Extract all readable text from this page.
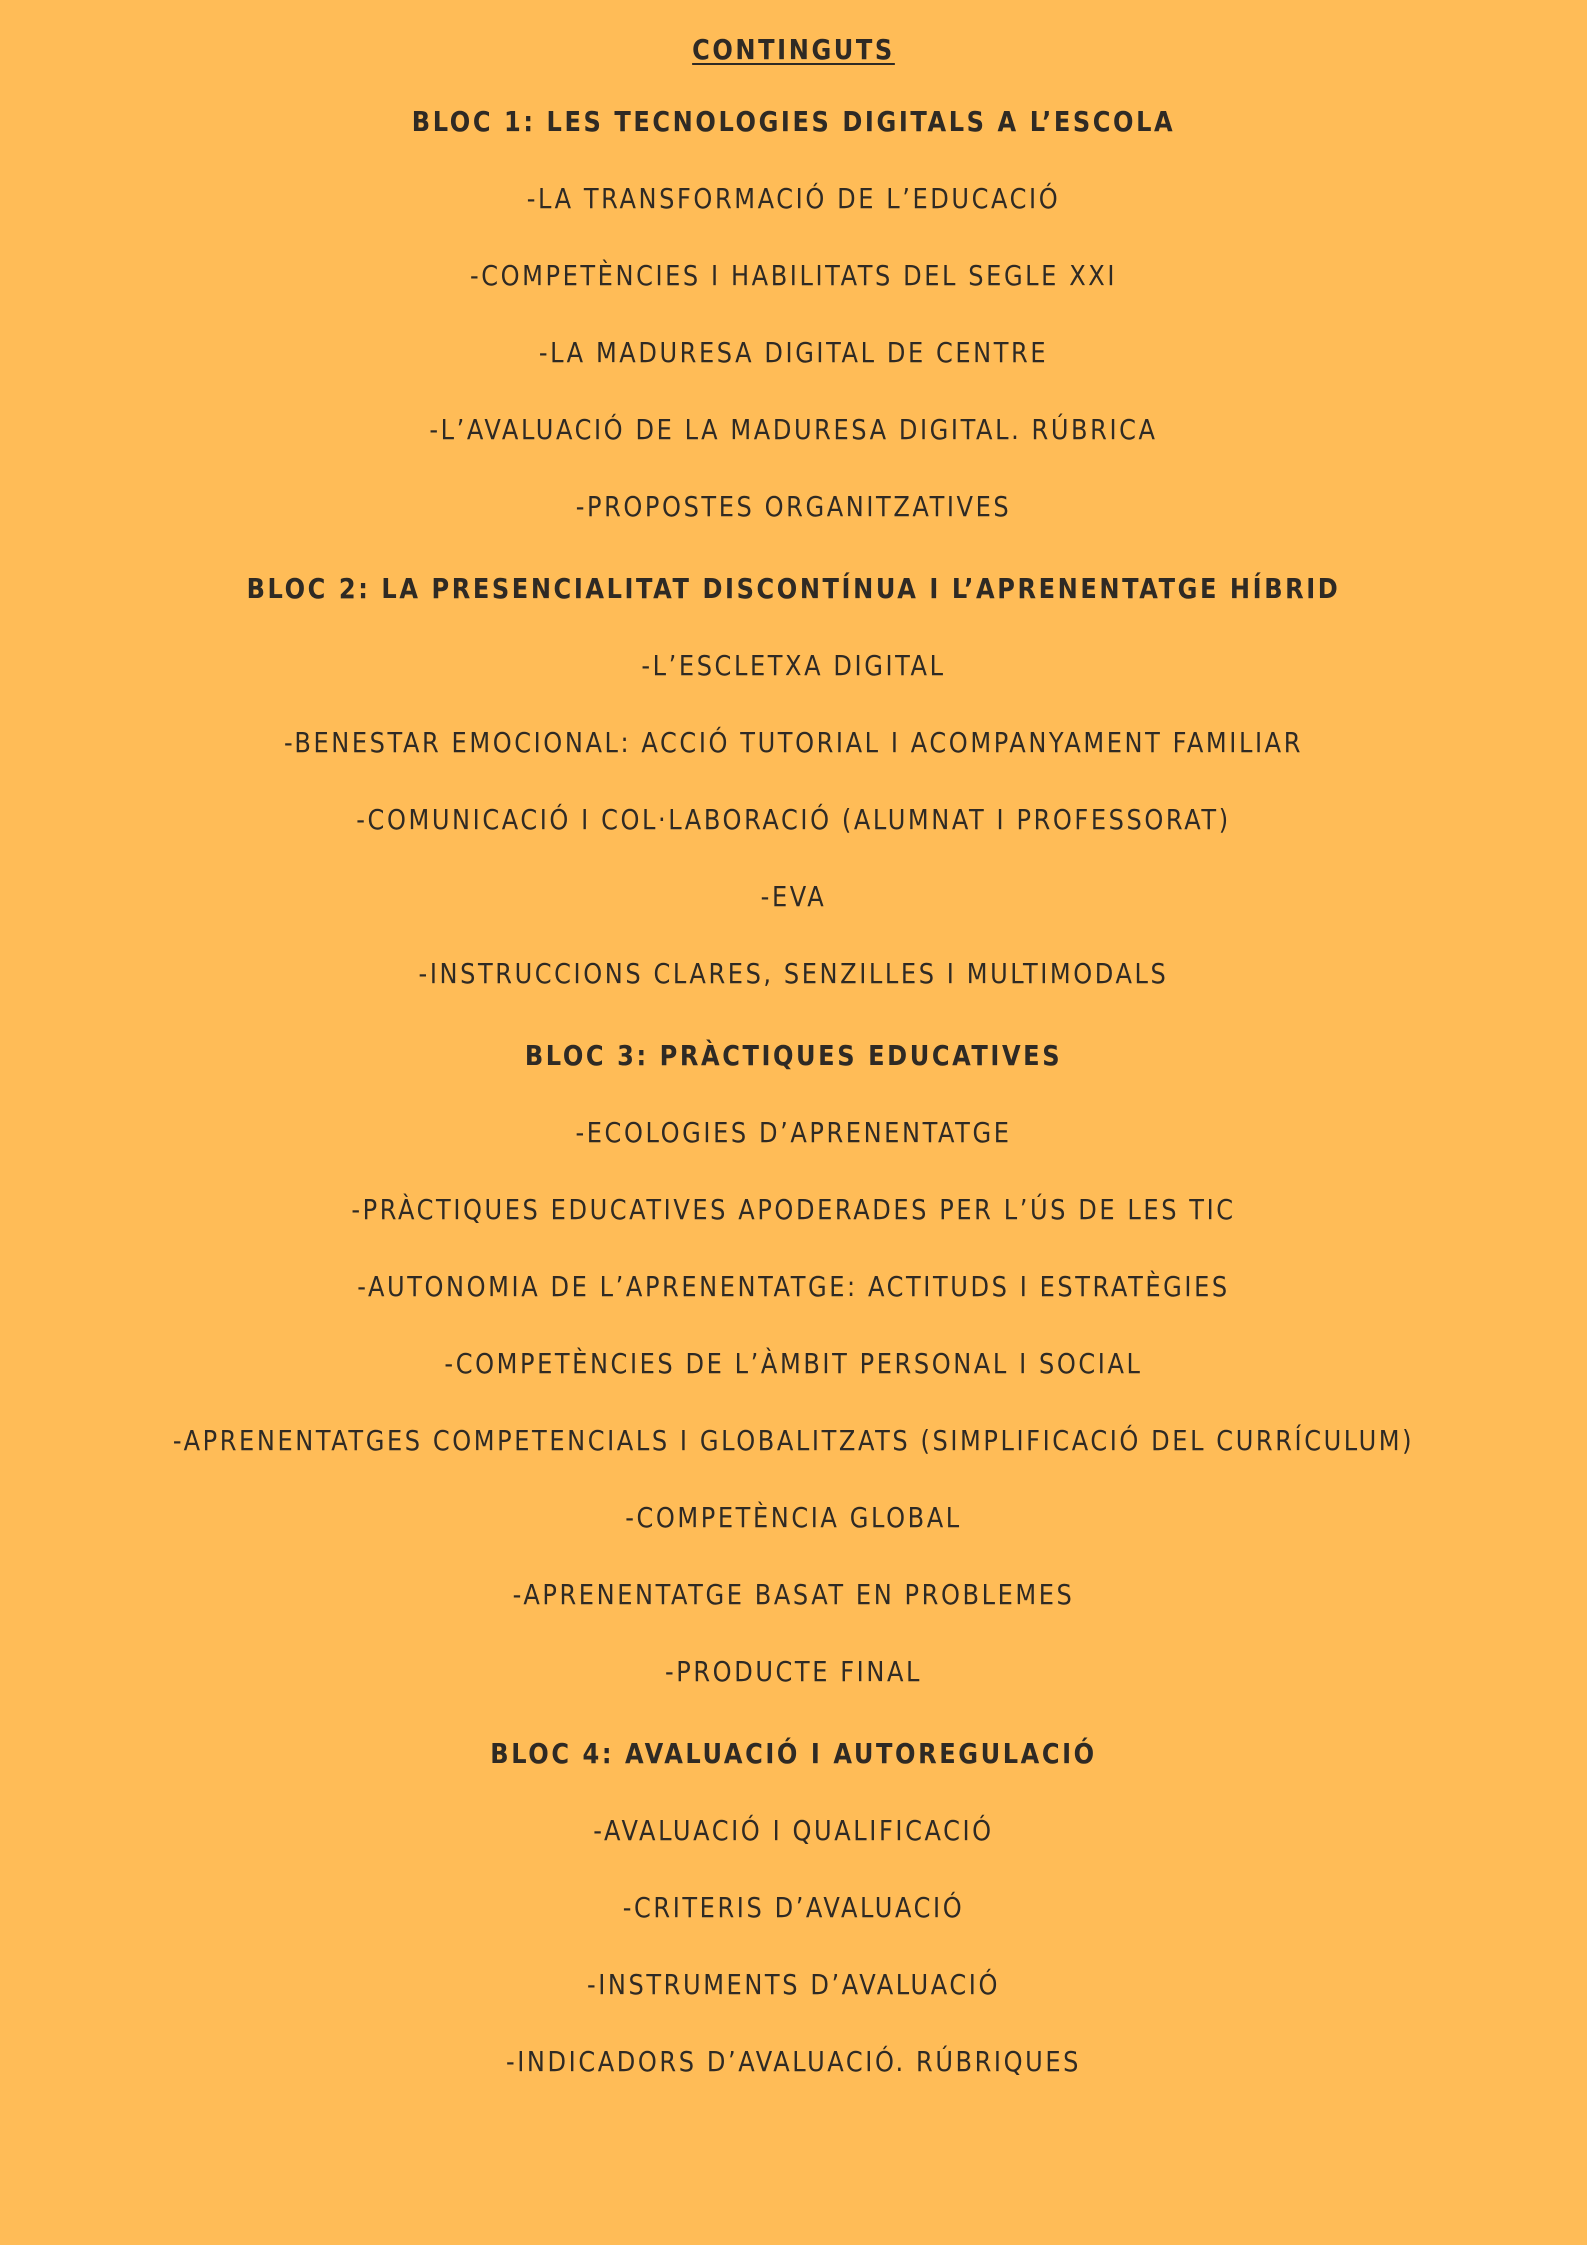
CONTINGUTS
BLOC 1: LES TECNOLOGIES DIGITALS A L’ESCOLA
-LA TRANSFORMACIÓ DE L’EDUCACIÓ
-COMPETÈNCIES I HABILITATS DEL SEGLE XXI
-LA MADURESA DIGITAL DE CENTRE
-L’AVALUACIÓ DE LA MADURESA DIGITAL. RÚBRICA
-PROPOSTES ORGANITZATIVES
BLOC 2: LA PRESENCIALITAT DISCONTÍNUA I L’APRENENTATGE HÍBRID
-L’ESCLETXA DIGITAL
-BENESTAR EMOCIONAL: ACCIÓ TUTORIAL I ACOMPANYAMENT FAMILIAR
-COMUNICACIÓ I COL·LABORACIÓ (ALUMNAT I PROFESSORAT)
-EVA
-INSTRUCCIONS CLARES, SENZILLES I MULTIMODALS
BLOC 3: PRÀCTIQUES EDUCATIVES
-ECOLOGIES D’APRENENTATGE
-PRÀCTIQUES EDUCATIVES APODERADES PER L’ÚS DE LES TIC
-AUTONOMIA DE L’APRENENTATGE: ACTITUDS I ESTRATÈGIES
-COMPETÈNCIES DE L’ÀMBIT PERSONAL I SOCIAL
-APRENENTATGES COMPETENCIALS I GLOBALITZATS (SIMPLIFICACIÓ DEL CURRÍCULUM)
-COMPETÈNCIA GLOBAL
-APRENENTATGE BASAT EN PROBLEMES
-PRODUCTE FINAL
BLOC 4: AVALUACIÓ I AUTOREGULACIÓ
-AVALUACIÓ I QUALIFICACIÓ
-CRITERIS D’AVALUACIÓ
-INSTRUMENTS D’AVALUACIÓ
-INDICADORS D’AVALUACIÓ. RÚBRIQUES
